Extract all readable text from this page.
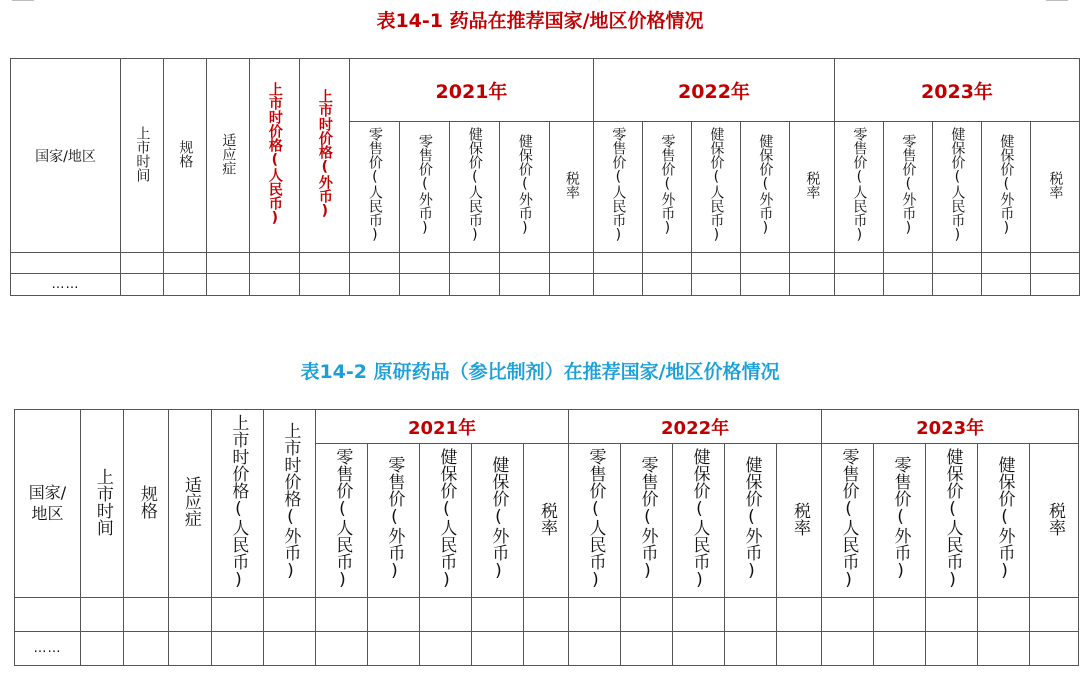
表14-1 药品在推荐国家/地区价格情况
国家/地区	上市时间	规格	适应症	上市时价格(人民币)	上市时价格(外币)	2021年					2022年					2023年				
						零售价(人民币)	零售价(外币)	健保价(人民币)	健保价(外币)	税率	零售价(人民币)	零售价(外币)	健保价(人民币)	健保价(外币)	税率	零售价(人民币)	零售价(外币)	健保价(人民币)	健保价(外币)	税率

……																				
表14-2 原研药品（参比制剂）在推荐国家/地区价格情况
国家/地区	上市时间	规格	适应症	上市时价格(人民币)	上市时价格(外币)	2021年					2022年					2023年				
						零售价(人民币)	零售价(外币)	健保价(人民币)	健保价(外币)	税率	零售价(人民币)	零售价(外币)	健保价(人民币)	健保价(外币)	税率	零售价(人民币)	零售价(外币)	健保价(人民币)	健保价(外币)	税率

……																				
